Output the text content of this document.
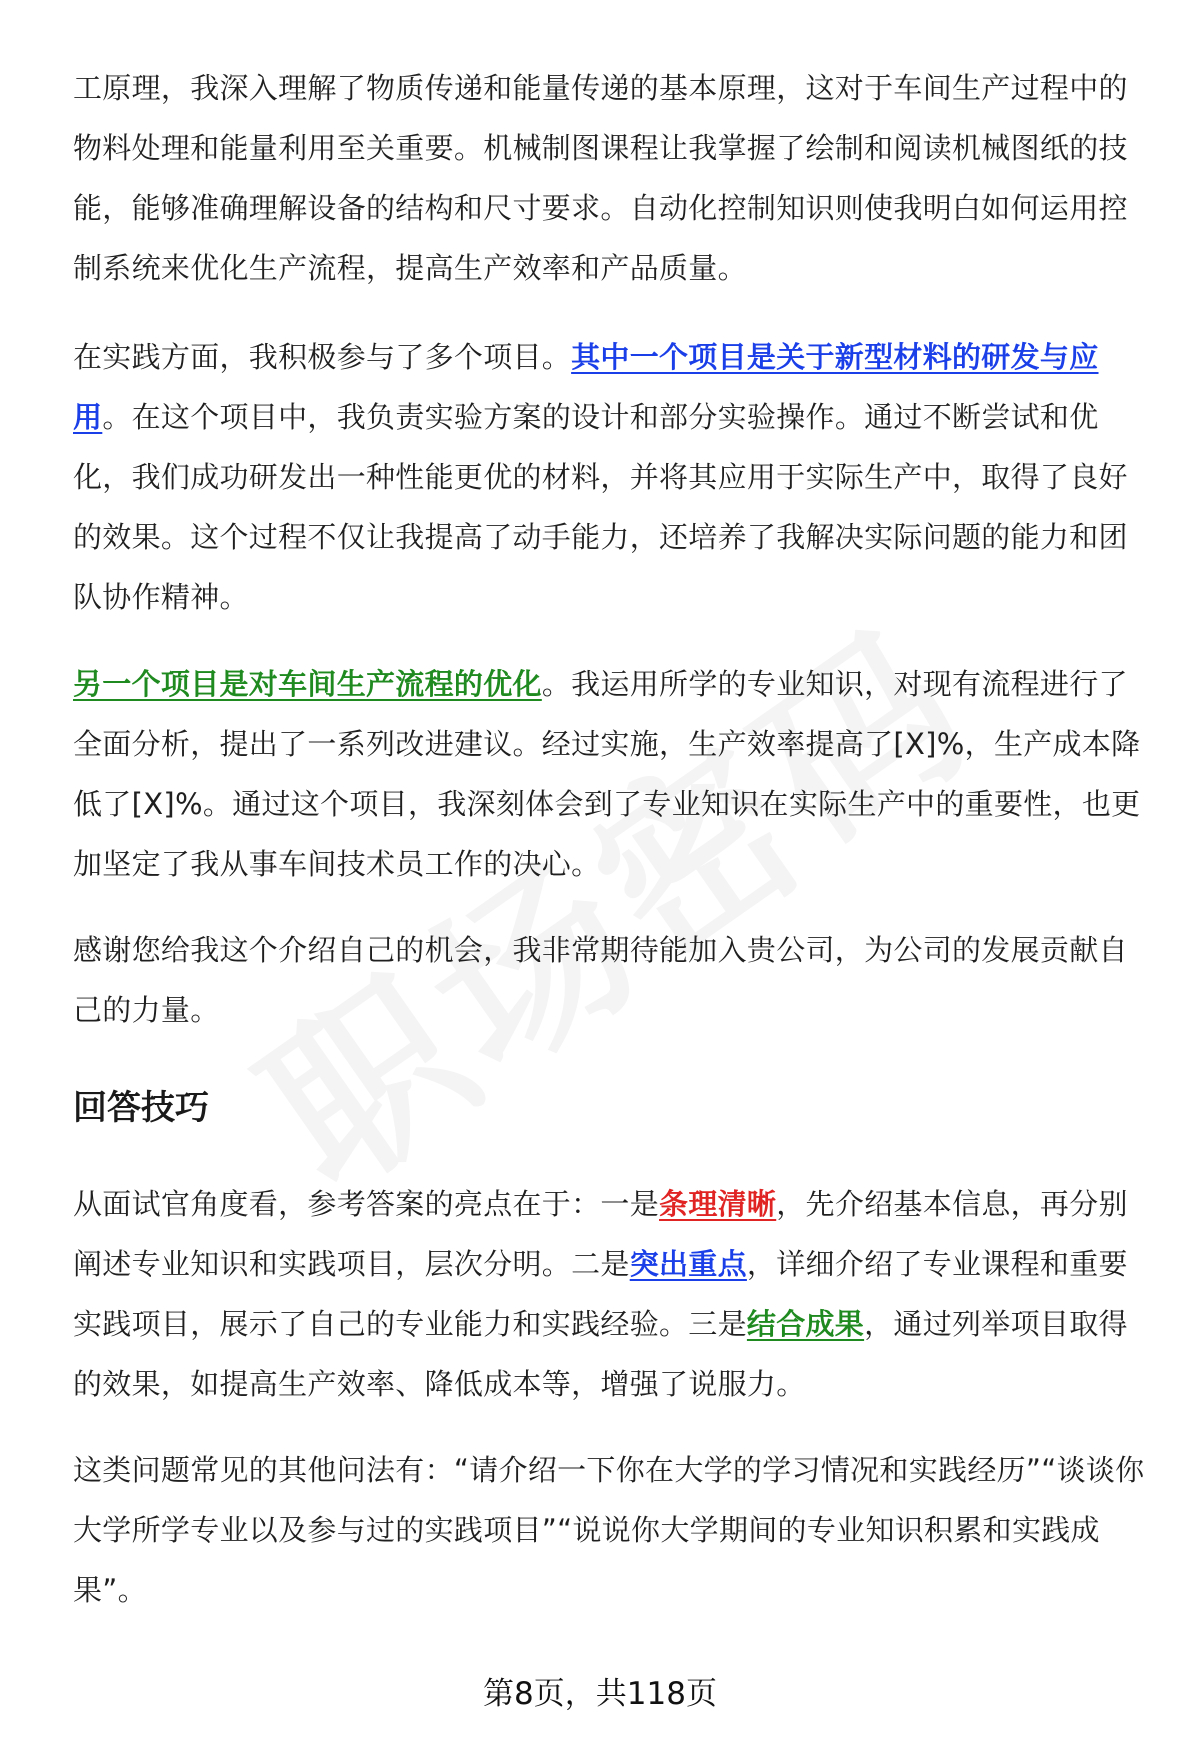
工原理，我深入理解了物质传递和能量传递的基本原理，这对于车间生产过程中的物料处理和能量利用至关重要。机械制图课程让我掌握了绘制和阅读机械图纸的技能，能够准确理解设备的结构和尺寸要求。自动化控制知识则使我明白如何运用控制系统来优化生产流程，提高生产效率和产品质量。

在实践方面，我积极参与了多个项目。其中一个项目是关于新型材料的研发与应用。在这个项目中，我负责实验方案的设计和部分实验操作。通过不断尝试和优化，我们成功研发出一种性能更优的材料，并将其应用于实际生产中，取得了良好的效果。这个过程不仅让我提高了动手能力，还培养了我解决实际问题的能力和团队协作精神。

另一个项目是对车间生产流程的优化。我运用所学的专业知识，对现有流程进行了全面分析，提出了一系列改进建议。经过实施，生产效率提高了[X]%，生产成本降低了[X]%。通过这个项目，我深刻体会到了专业知识在实际生产中的重要性，也更加坚定了我从事车间技术员工作的决心。

感谢您给我这个介绍自己的机会，我非常期待能加入贵公司，为公司的发展贡献自己的力量。

回答技巧

从面试官角度看，参考答案的亮点在于：一是条理清晰，先介绍基本信息，再分别阐述专业知识和实践项目，层次分明。二是突出重点，详细介绍了专业课程和重要实践项目，展示了自己的专业能力和实践经验。三是结合成果，通过列举项目取得的效果，如提高生产效率、降低成本等，增强了说服力。

这类问题常见的其他问法有：“请介绍一下你在大学的学习情况和实践经历”“谈谈你大学所学专业以及参与过的实践项目”“说说你大学期间的专业知识积累和实践成果”。

第8页，共118页
